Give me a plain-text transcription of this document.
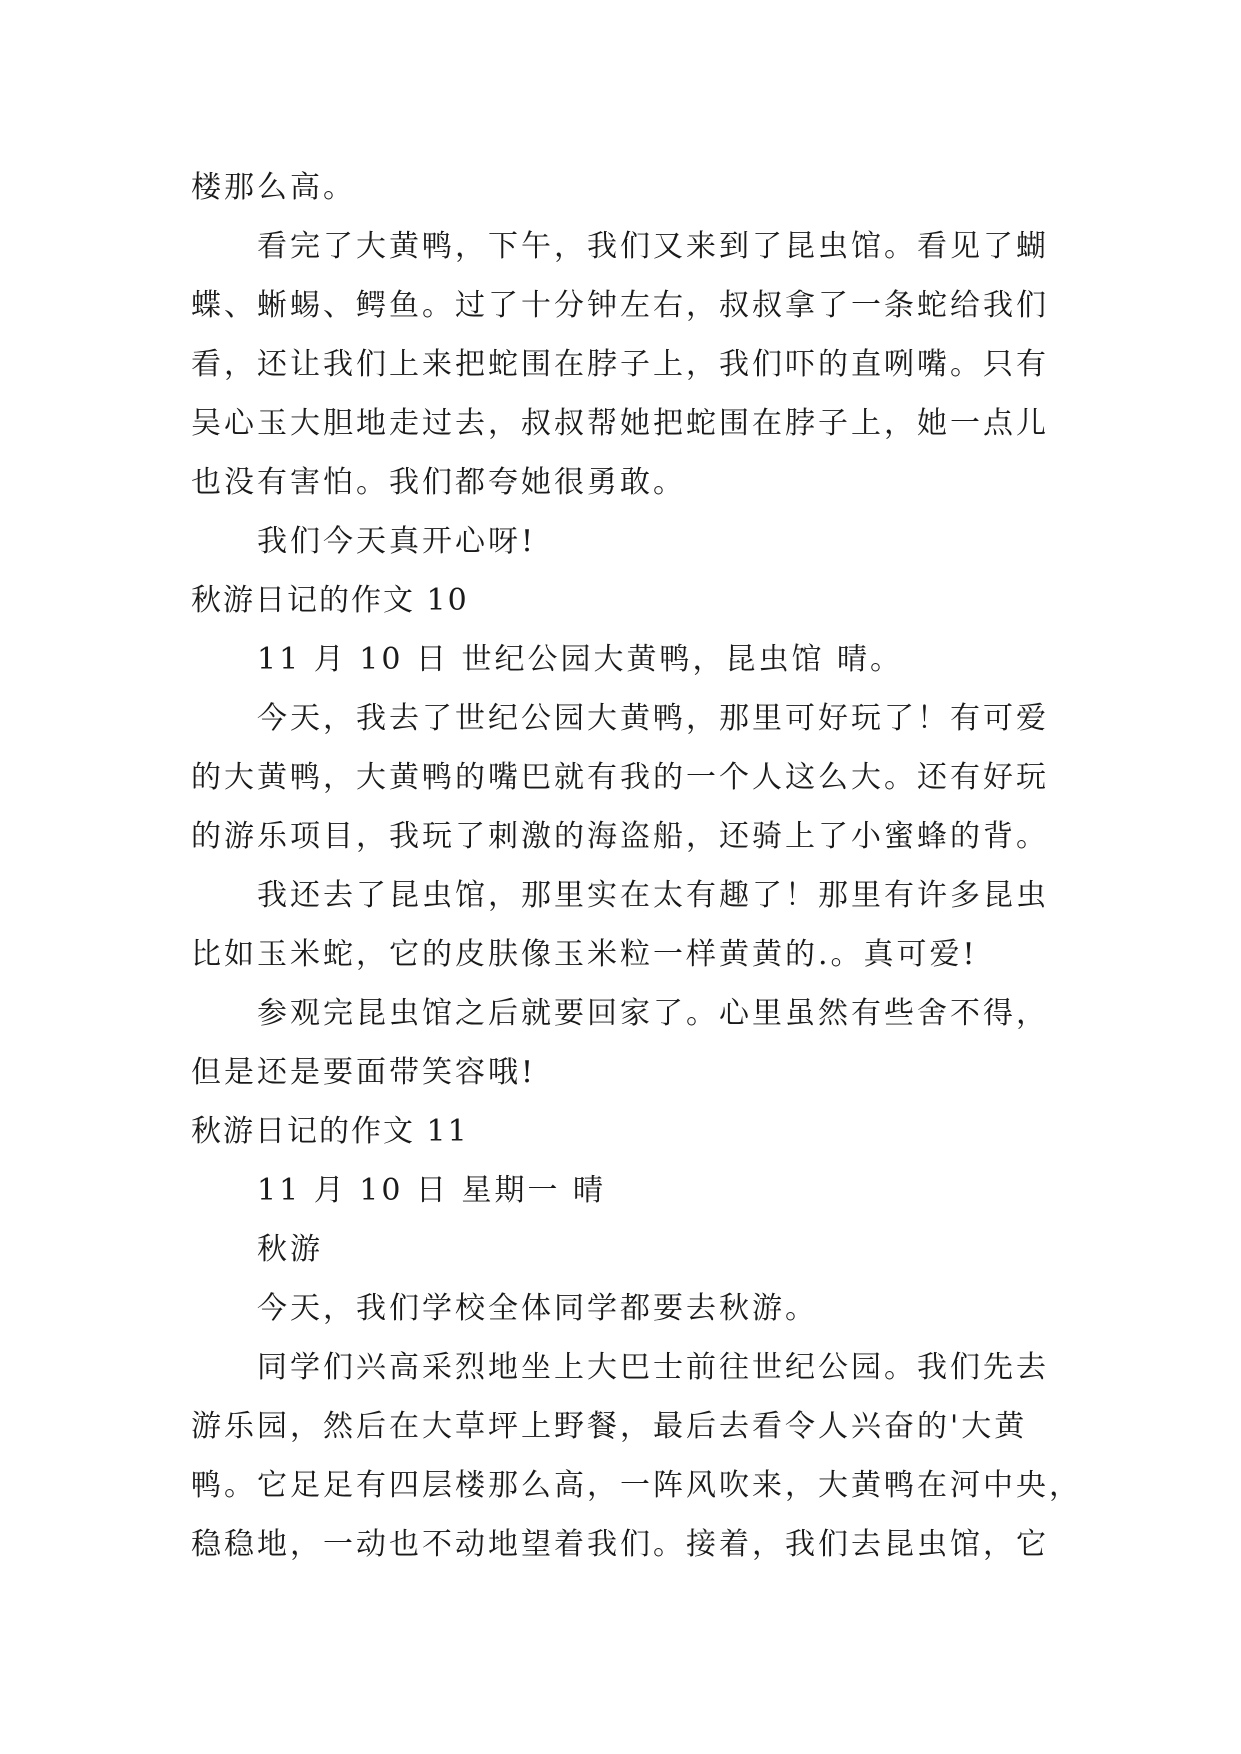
楼那么高。

看完了大黄鸭，下午，我们又来到了昆虫馆。看见了蝴

蝶、蜥蜴、鳄鱼。过了十分钟左右，叔叔拿了一条蛇给我们

看，还让我们上来把蛇围在脖子上，我们吓的直咧嘴。只有

吴心玉大胆地走过去，叔叔帮她把蛇围在脖子上，她一点儿

也没有害怕。我们都夸她很勇敢。

我们今天真开心呀!

秋游日记的作文 10

11 月 10 日 世纪公园大黄鸭，昆虫馆 晴。

今天，我去了世纪公园大黄鸭，那里可好玩了！有可爱

的大黄鸭，大黄鸭的嘴巴就有我的一个人这么大。还有好玩

的游乐项目，我玩了刺激的海盗船，还骑上了小蜜蜂的背。

我还去了昆虫馆，那里实在太有趣了！那里有许多昆虫

比如玉米蛇，它的皮肤像玉米粒一样黄黄的.。真可爱!

参观完昆虫馆之后就要回家了。心里虽然有些舍不得，

但是还是要面带笑容哦!

秋游日记的作文 11

11 月 10 日 星期一 晴

秋游

今天，我们学校全体同学都要去秋游。

同学们兴高采烈地坐上大巴士前往世纪公园。我们先去

游乐园，然后在大草坪上野餐，最后去看令人兴奋的'大黄

鸭。它足足有四层楼那么高，一阵风吹来，大黄鸭在河中央，

稳稳地，一动也不动地望着我们。接着，我们去昆虫馆，它
